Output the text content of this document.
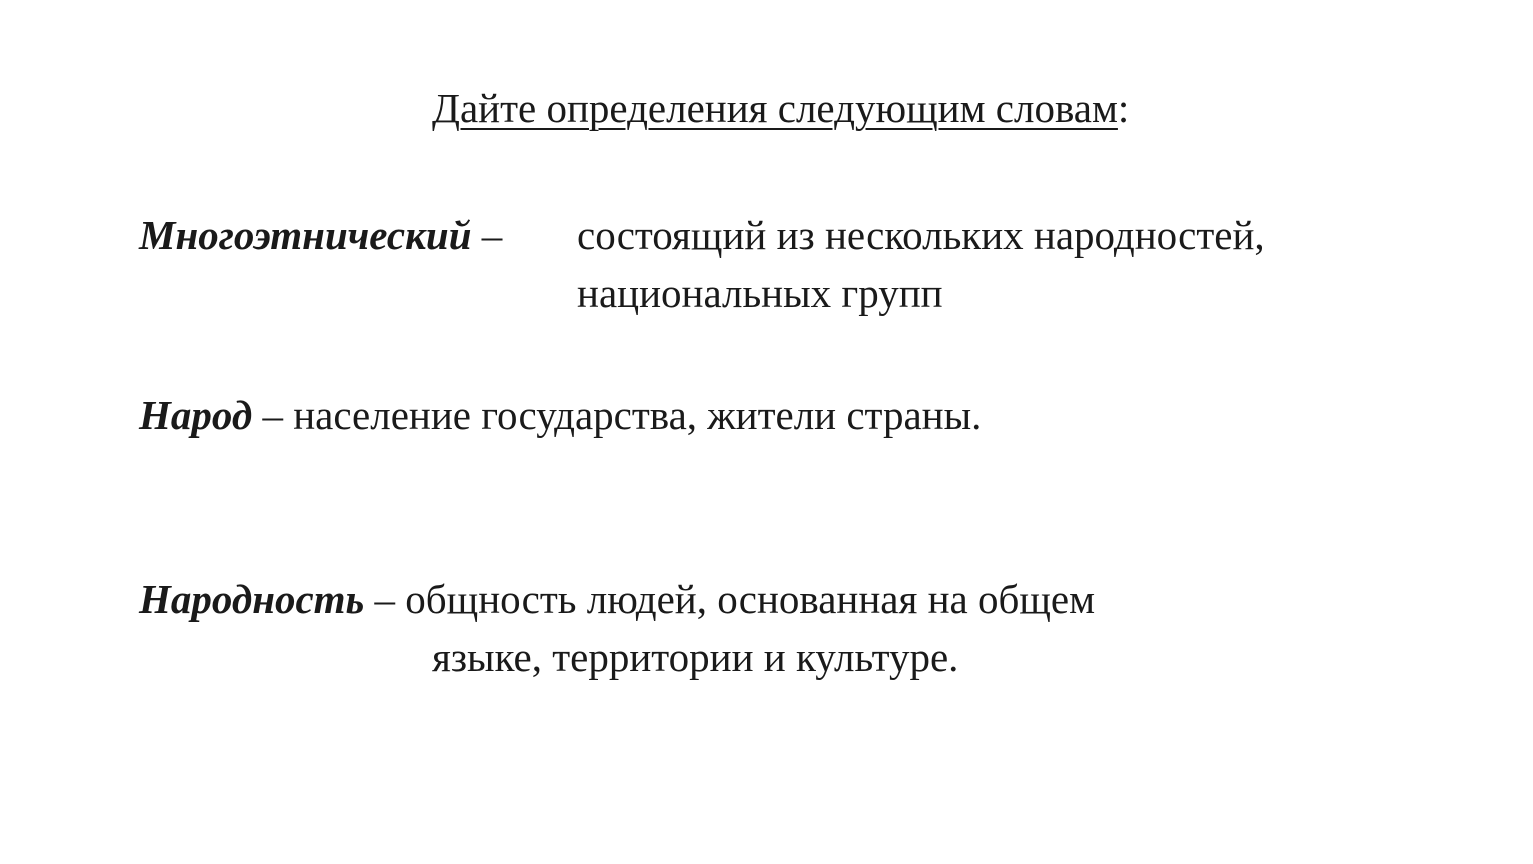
Дайте определения следующим словам:
Многоэтнический – состоящий из нескольких народностей,
национальных групп
Народ – население государства, жители страны.
Народность – общность людей, основанная на общем
языке, территории и культуре.
